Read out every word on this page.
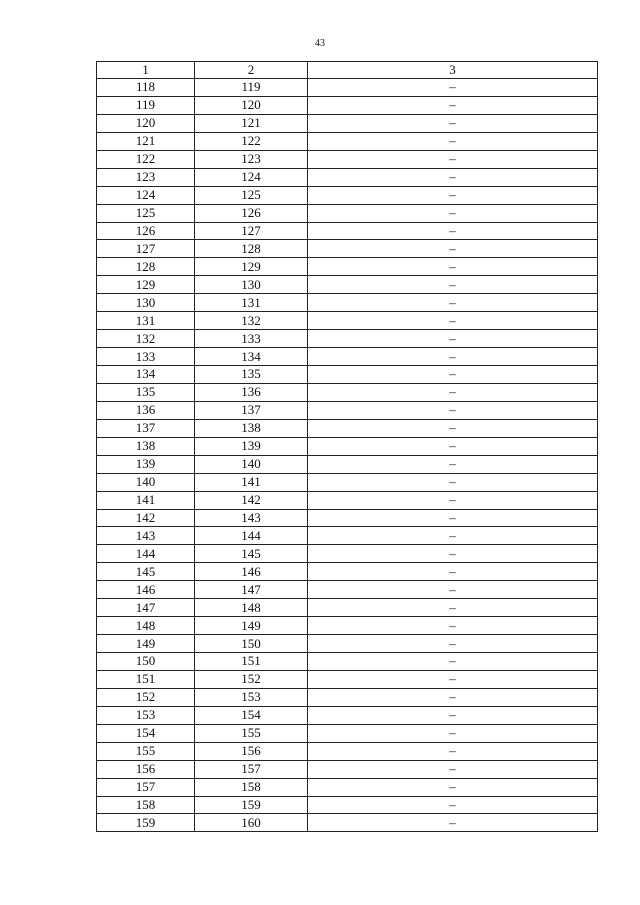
43
1	2	3
118	119	–
119	120	–
120	121	–
121	122	–
122	123	–
123	124	–
124	125	–
125	126	–
126	127	–
127	128	–
128	129	–
129	130	–
130	131	–
131	132	–
132	133	–
133	134	–
134	135	–
135	136	–
136	137	–
137	138	–
138	139	–
139	140	–
140	141	–
141	142	–
142	143	–
143	144	–
144	145	–
145	146	–
146	147	–
147	148	–
148	149	–
149	150	–
150	151	–
151	152	–
152	153	–
153	154	–
154	155	–
155	156	–
156	157	–
157	158	–
158	159	–
159	160	–
